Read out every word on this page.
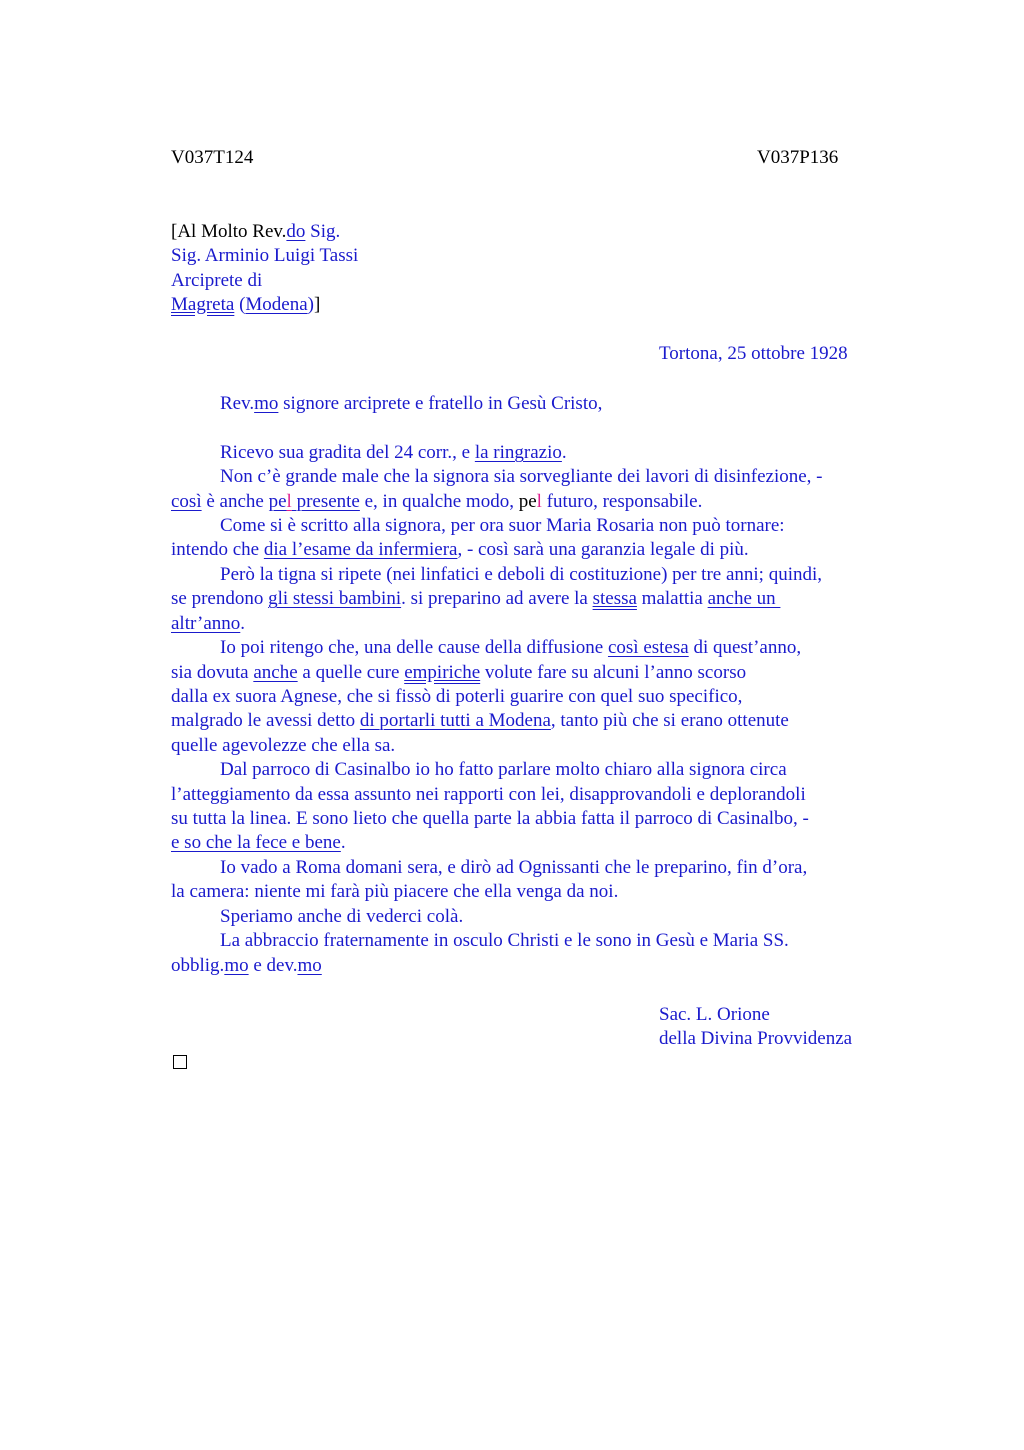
V037T124	V037P136
[Al Molto Rev.do Sig.
Sig. Arminio Luigi Tassi
Arciprete di
Magreta (Modena)]
Tortona, 25 ottobre 1928
Rev.mo signore arciprete e fratello in Gesù Cristo,
Ricevo sua gradita del 24 corr., e la ringrazio.
Non c’è grande male che la signora sia sorvegliante dei lavori di disinfezione, -
così è anche pel presente e, in qualche modo, pel futuro, responsabile.
Come si è scritto alla signora, per ora suor Maria Rosaria non può tornare:
intendo che dia l’esame da infermiera, - così sarà una garanzia legale di più.
Però la tigna si ripete (nei linfatici e deboli di costituzione) per tre anni; quindi,
se prendono gli stessi bambini. si preparino ad avere la stessa malattia anche un
altr’anno.
Io poi ritengo che, una delle cause della diffusione così estesa di quest’anno,
sia dovuta anche a quelle cure empiriche volute fare su alcuni l’anno scorso
dalla ex suora Agnese, che si fissò di poterli guarire con quel suo specifico,
malgrado le avessi detto di portarli tutti a Modena, tanto più che si erano ottenute
quelle agevolezze che ella sa.
Dal parroco di Casinalbo io ho fatto parlare molto chiaro alla signora circa
l’atteggiamento da essa assunto nei rapporti con lei, disapprovandoli e deplorandoli
su tutta la linea. E sono lieto che quella parte la abbia fatta il parroco di Casinalbo, -
e so che la fece e bene.
Io vado a Roma domani sera, e dirò ad Ognissanti che le preparino, fin d’ora,
la camera: niente mi farà più piacere che ella venga da noi.
Speriamo anche di vederci colà.
La abbraccio fraternamente in osculo Christi e le sono in Gesù e Maria SS.
obblig.mo e dev.mo
Sac. L. Orione
della Divina Provvidenza
